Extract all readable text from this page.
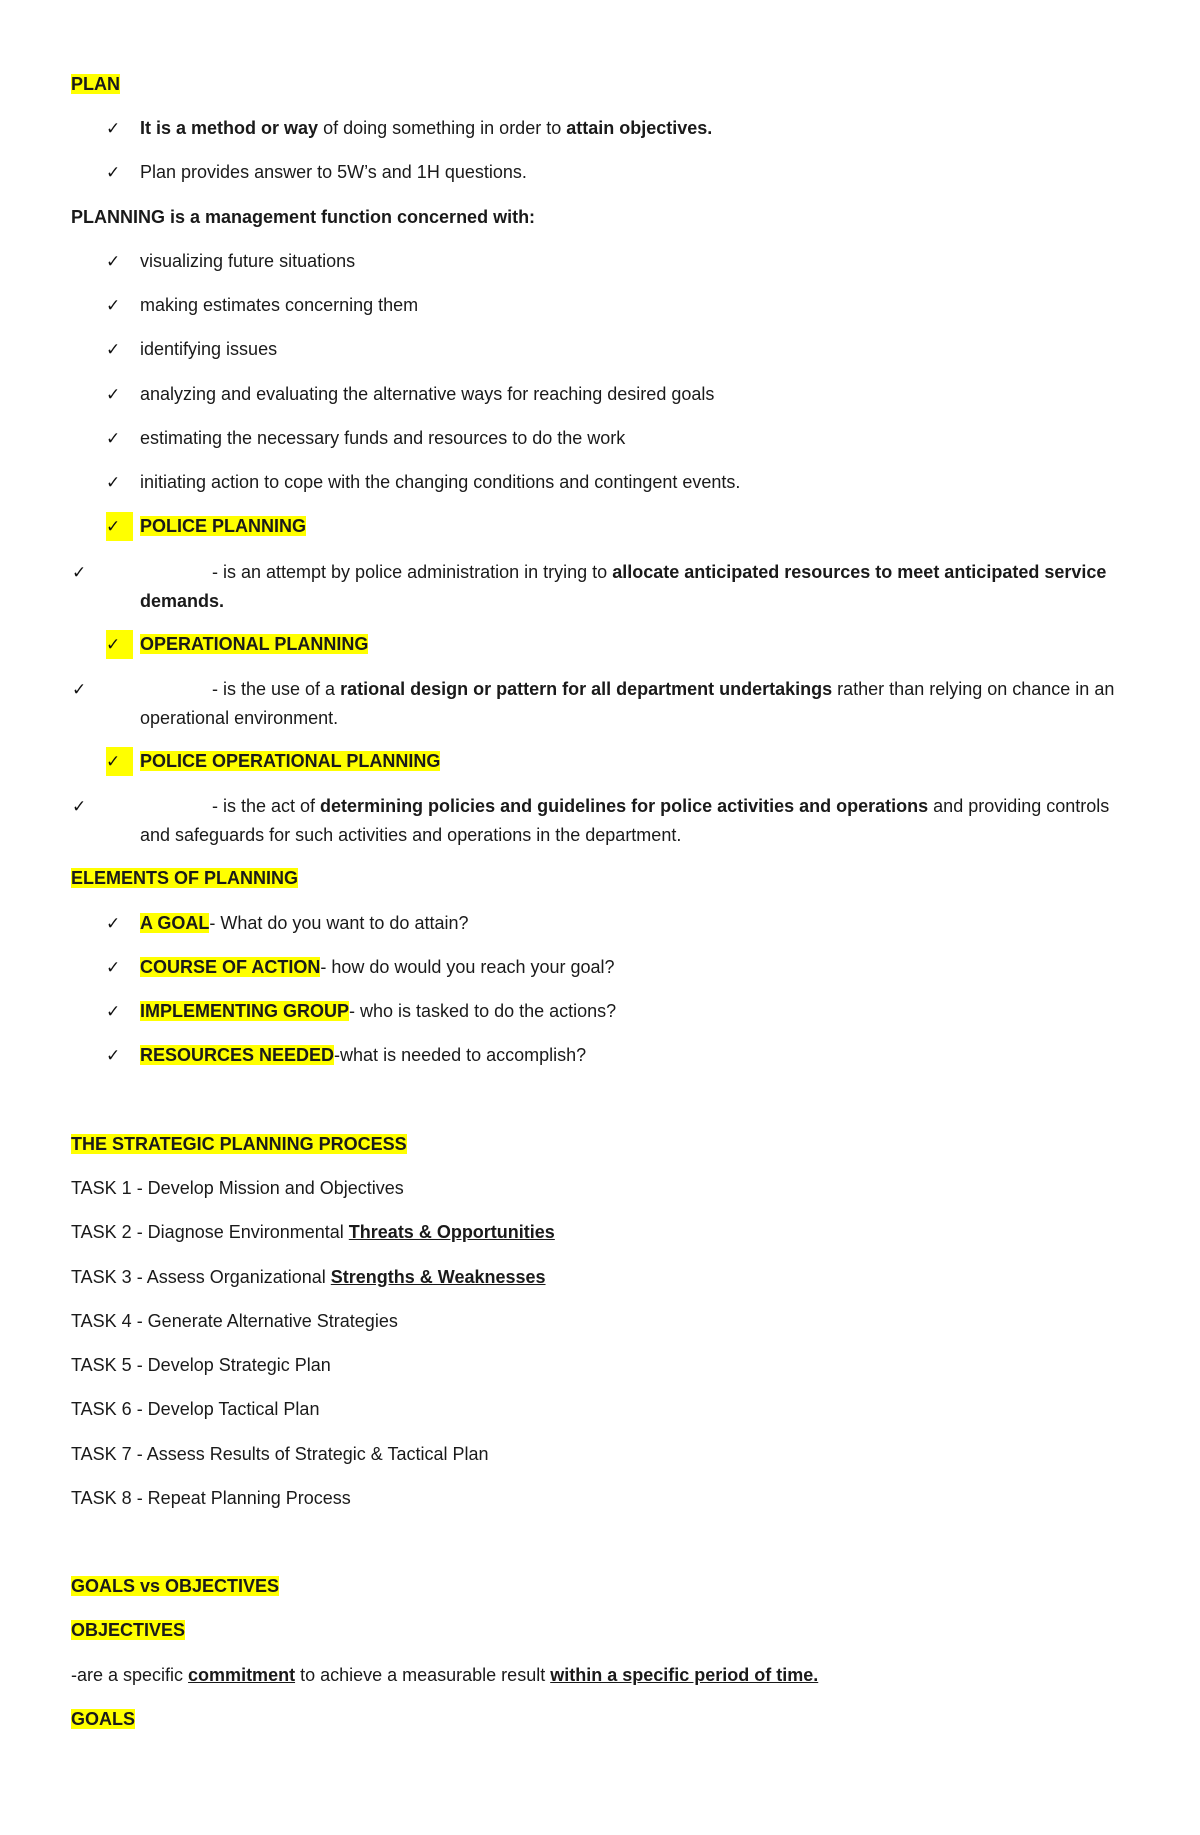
PLAN
✓ It is a method or way of doing something in order to attain objectives.
✓ Plan provides answer to 5W’s and 1H questions.
PLANNING is a management function concerned with:
✓ visualizing future situations
✓ making estimates concerning them
✓ identifying issues
✓ analyzing and evaluating the alternative ways for reaching desired goals
✓ estimating the necessary funds and resources to do the work
✓ initiating action to cope with the changing conditions and contingent events.
✓ POLICE PLANNING
✓	- is an attempt by police administration in trying to allocate anticipated resources to meet anticipated service demands.
✓ OPERATIONAL PLANNING
✓	- is the use of a rational design or pattern for all department undertakings rather than relying on chance in an operational environment.
✓ POLICE OPERATIONAL PLANNING
✓	- is the act of determining policies and guidelines for police activities and operations and providing controls and safeguards for such activities and operations in the department.
ELEMENTS OF PLANNING
✓ A GOAL- What do you want to do attain?
✓ COURSE OF ACTION- how do would you reach your goal?
✓ IMPLEMENTING GROUP- who is tasked to do the actions?
✓ RESOURCES NEEDED-what is needed to accomplish?
THE STRATEGIC PLANNING PROCESS
TASK 1 - Develop Mission and Objectives
TASK 2 - Diagnose Environmental Threats & Opportunities
TASK 3 - Assess Organizational Strengths & Weaknesses
TASK 4 - Generate Alternative Strategies
TASK 5 - Develop Strategic Plan
TASK 6 - Develop Tactical Plan
TASK 7 - Assess Results of Strategic & Tactical Plan
TASK 8 - Repeat Planning Process
GOALS vs OBJECTIVES
OBJECTIVES
-are a specific commitment to achieve a measurable result within a specific period of time.
GOALS
